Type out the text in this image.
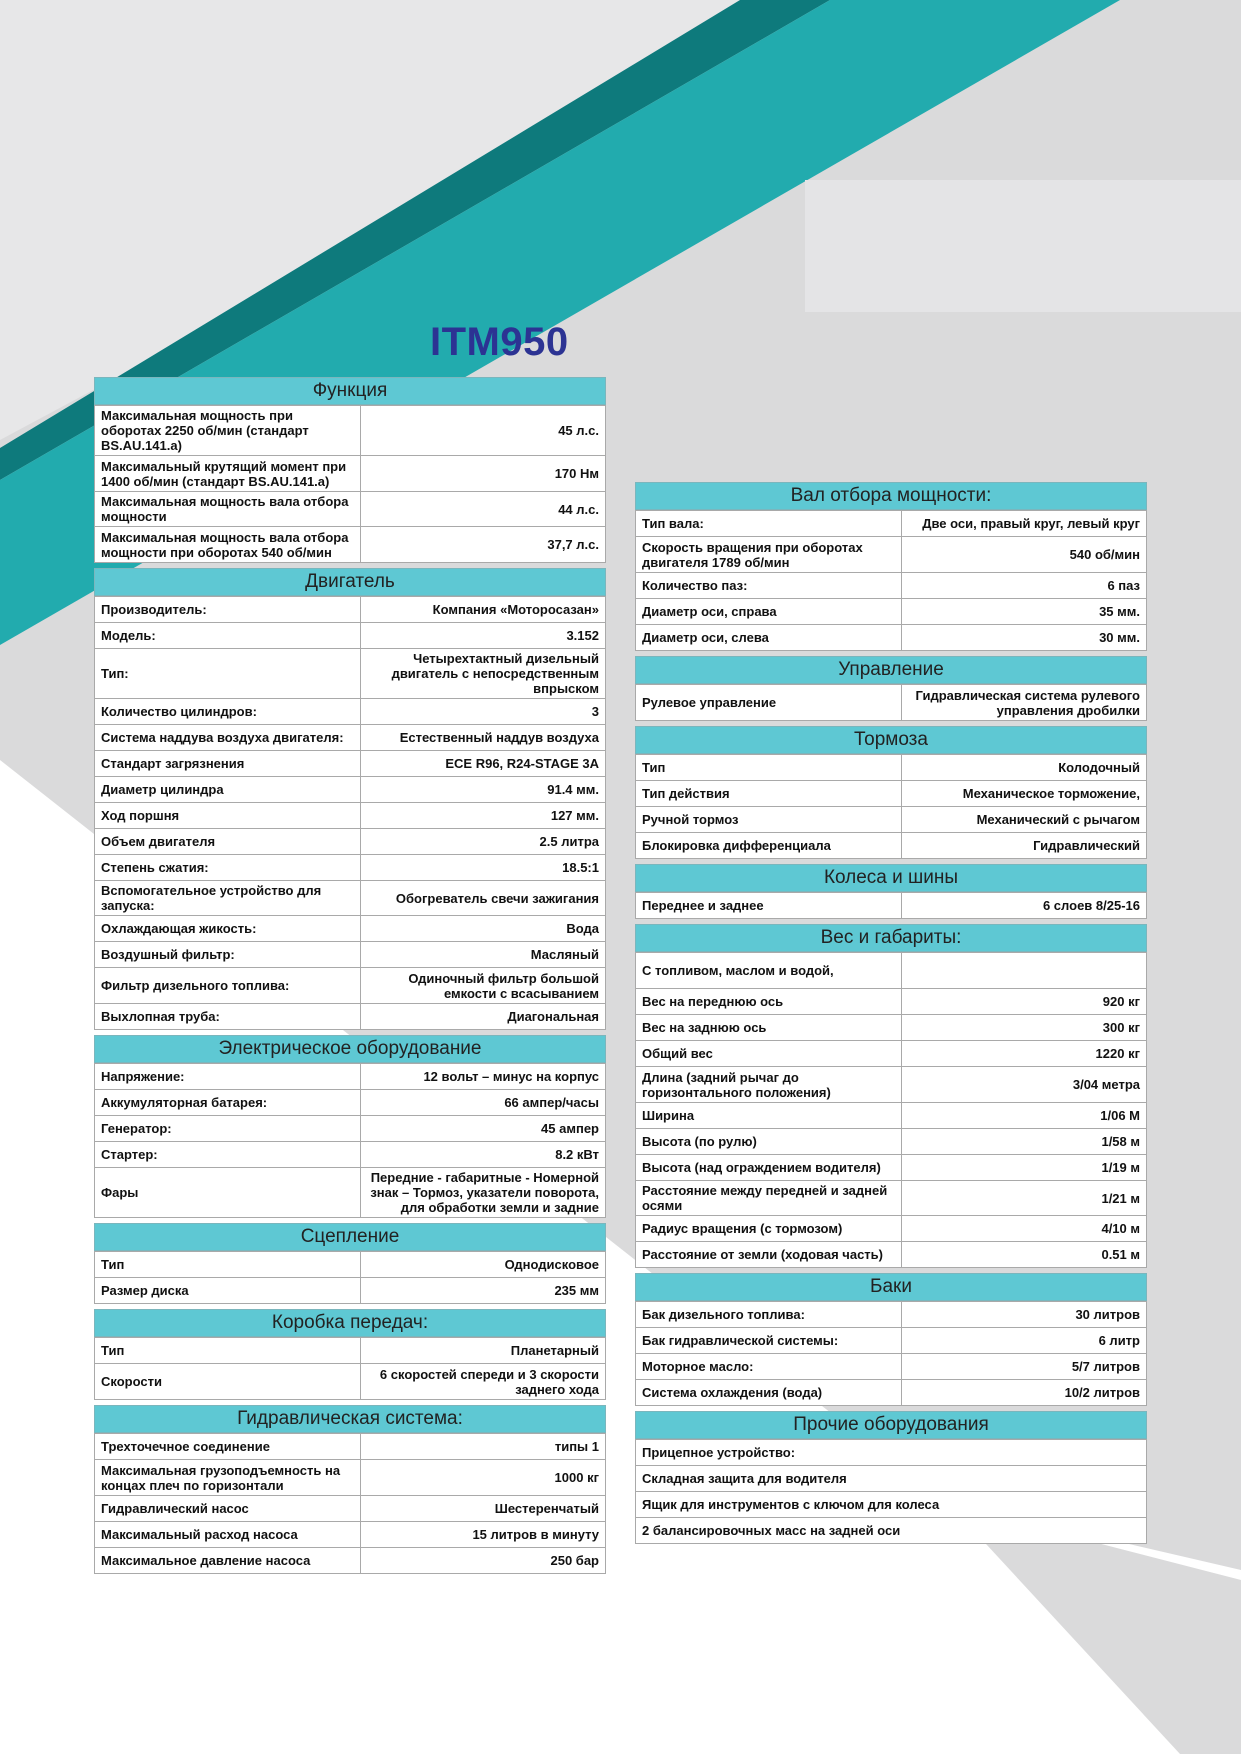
ITM950
Функция
Максимальная мощность при оборотах 2250 об/мин (стандарт BS.AU.141.a)	45 л.с.
Максимальный крутящий момент при 1400 об/мин (стандарт BS.AU.141.a)	170 Нм
Максимальная мощность вала отбора мощности	44 л.с.
Максимальная мощность вала отбора мощности при оборотах 540 об/мин	37,7 л.с.
Двигатель
Производитель:	Компания «Моторосазан»
Модель:	3.152
Тип:	Четырехтактный дизельный двигатель с непосредственным впрыском
Количество цилиндров:	3
Система наддува воздуха двигателя:	Естественный наддув воздуха
Стандарт загрязнения	ECE R96, R24-STAGE 3A
Диаметр цилиндра	91.4 мм.
Ход поршня	127 мм.
Объем двигателя	2.5 литра
Степень сжатия:	18.5:1
Вспомогательное устройство для запуска:	Обогреватель свечи зажигания
Охлаждающая жикость:	Вода
Воздушный фильтр:	Масляный
Фильтр дизельного топлива:	Одиночный фильтр большой емкости с всасыванием
Выхлопная труба:	Диагональная
Электрическое оборудование
Напряжение:	12 вольт – минус на корпус
Аккумуляторная батарея:	66 ампер/часы
Генератор:	45 ампер
Стартер:	8.2 кВт
Фары	Передние - габаритные - Номерной знак – Тормоз, указатели поворота, для обработки земли и задние
Сцепление
Тип	Однодисковое
Размер диска	235 мм
Коробка передач:
Тип	Планетарный
Скорости	6 скоростей спереди и 3 скорости заднего хода
Гидравлическая система:
Трехточечное соединение	типы 1
Максимальная грузоподъемность на концах плеч по горизонтали	1000 кг
Гидравлический насос	Шестеренчатый
Максимальный расход насоса	15 литров в минуту
Максимальное давление насоса	250 бар
Вал отбора мощности:
Тип вала:	Две оси, правый круг, левый круг
Скорость вращения при оборотах двигателя 1789 об/мин	540 об/мин
Количество паз:	6 паз
Диаметр оси, справа	35 мм.
Диаметр оси, слева	30 мм.
Управление
Рулевое управление	Гидравлическая система рулевого управления дробилки
Тормоза
Тип	Колодочный
Тип действия	Механическое торможение,
Ручной тормоз	Механический с рычагом
Блокировка дифференциала	Гидравлический
Колеса и шины
Переднее и заднее	6 слоев 8/25-16
Вес и габариты:
С топливом, маслом и водой,	
Вес на переднюю ось	920 кг
Вес на заднюю ось	300 кг
Общий вес	1220 кг
Длина (задний рычаг до горизонтального положения)	3/04 метра
Ширина	1/06 М
Высота (по рулю)	1/58 м
Высота (над ограждением водителя)	1/19 м
Расстояние между передней и задней осями	1/21 м
Радиус вращения (с тормозом)	4/10 м
Расстояние от земли (ходовая часть)	0.51 м
Баки
Бак дизельного топлива:	30 литров
Бак гидравлической системы:	6 литр
Моторное масло:	5/7 литров
Система охлаждения (вода)	10/2 литров
Прочие оборудования
Прицепное устройство:
Складная защита для водителя
Ящик для инструментов с ключом для колеса
2 балансировочных масс на задней оси
